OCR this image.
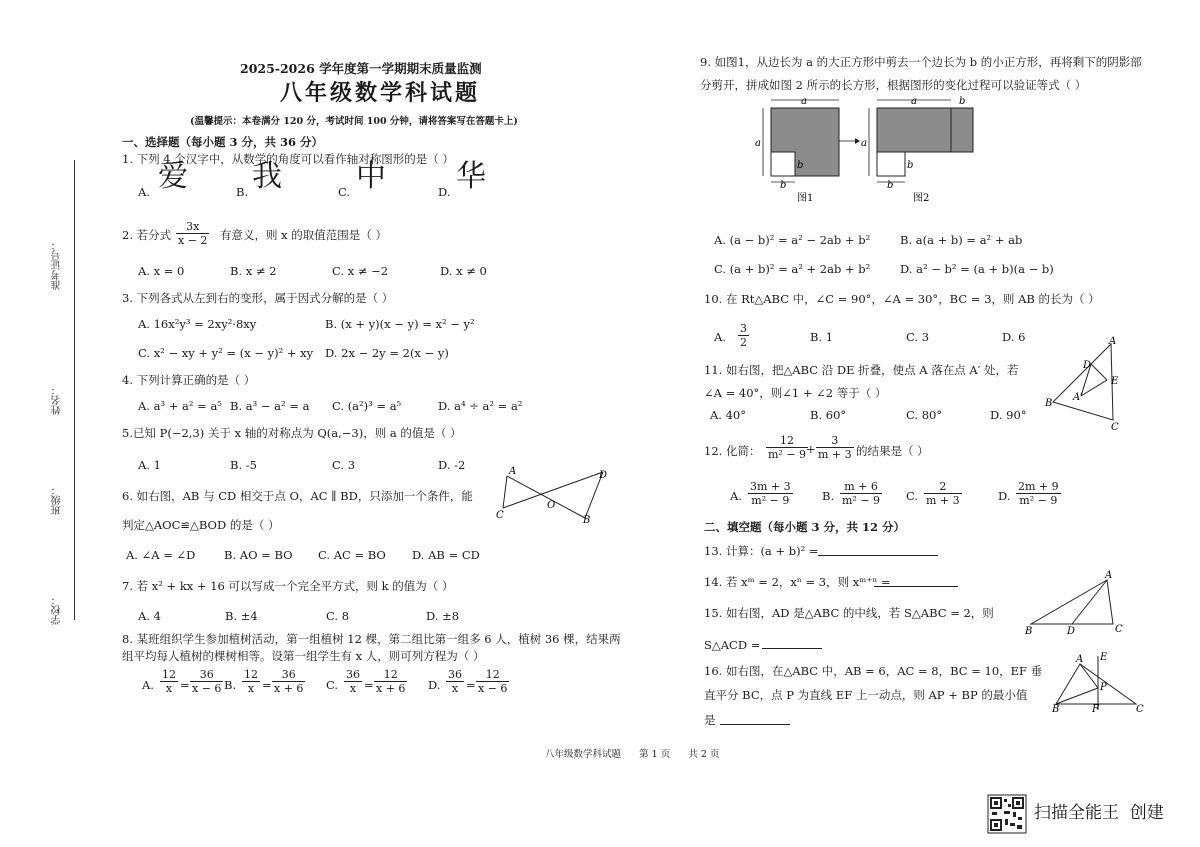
准考证号：
姓名：
班级：
学校：
2025-2026 学年度第一学期期末质量监测
八年级数学科试题
(温馨提示：本卷满分 120 分，考试时间 100 分钟，请将答案写在答题卡上)
一、选择题（每小题 3 分，共 36 分）
1. 下列 4 个汉字中，从数学的角度可以看作轴对称图形的是（ ）
A. 爱	B. 我	C. 中	D. 华
2. 若分式 $\frac{3x}{x - 2}$ 有意义，则 x 的取值范围是（ ）
A. x = 0	B. x ≠ 2	C. x ≠ −2	D. x ≠ 0
3. 下列各式从左到右的变形，属于因式分解的是（ ）
A. 16x²y³ = 2xy²·8xy	B. (x + y)(x − y) = x² − y²
C. x² − xy + y² = (x − y)² + xy D. 2x − 2y = 2(x − y)
4. 下列计算正确的是（ ）
A. a³ + a² = a⁵ B. a³ − a² = a C. (a²)³ = a⁵	D. a⁴ ÷ a² = a²
5.已知 P(−2,3) 关于 x 轴的对称点为 Q(a,−3)，则 a 的值是（ ）
A. 1	B. -5	C. 3	D. -2
6. 如右图，AB 与 CD 相交于点 O，AC ∥ BD，只添加一个条件，能
判定△AOC≌△BOD 的是（ ）
A	D
C
O
B
A. ∠A = ∠D B. AO = BO C. AC = BO D. AB = CD
7. 若 x² + kx + 16 可以写成一个完全平方式，则 k 的值为（ ）
A. 4	B. ±4	C. 8	D. ±8
8. 某班组织学生参加植树活动，第一组植树 12 棵，第二组比第一组多 6 人，植树 36 棵，结果两
组平均每人植树的棵树相等。设第一组学生有 x 人，则可列方程为（ ）
A. $\frac{12}{x} = \frac{36}{x - 6} B$. $\frac{12}{x} = \frac{36}{x + 6} C$. $\frac{36}{x} = \frac{12}{x + 6} D$. $\frac{36}{x} = \frac{12}{x - 6}$
9. 如图1，从边长为 a 的大正方形中剪去一个边长为 b 的小正方形，再将剩下的阴影部
分剪开，拼成如图 2 所示的长方形，根据图形的变化过程可以验证等式（ ）
a
a
b
b
图1
a	b
a
b
b
图2
A. (a − b)² = a² − 2ab + b²	B. a(a + b) = a² + ab
C. (a + b)² = a² + 2ab + b²	D. a² − b² = (a + b)(a − b)
10. 在 Rt△ABC 中，∠C = 90°，∠A = 30°，BC = 3，则 AB 的长为（ ）
A. $\frac{3}{2}$	B. 1	C. 3	D. 6
11. 如右图，把△ABC 沿 DE 折叠，使点 A 落在点 A′ 处，若
∠A = 40°，则∠1 + ∠2 等于（ ）
A. 40°	B. 60°	C. 80°	D. 90°
A
D
E
A′
B
C
12. 化简： $\frac{12}{\text{m² − 9}}$
+ $\frac{3}{m + 3}$ 的结果是（ ）
A. $\frac{3m + 3}{\text{m² − 9}}$	B. $\frac{m + 6}{\text{m² − 9}} C$. $\frac{2}{m + 3}$	D. $\frac{2m + 9}{\text{m² − 9}}$
二、填空题（每小题 3 分，共 12 分）
13. 计算：(a + b)² =
14. 若 xᵐ = 2，xⁿ = 3，则 xᵐ⁺ⁿ =
15. 如右图，AD 是△ABC 的中线，若 S△ABC = 2，则
S△ACD =
A
B	D	C
16. 如右图，在△ABC 中，AB = 6，AC = 8，BC = 10，EF 垂
直平分 BC，点 P 为直线 EF 上一动点，则 AP + BP 的最小值
是
A E
P
B	F	C
八年级数学科试题      第 1 页      共 2 页
扫描全能王  创建
